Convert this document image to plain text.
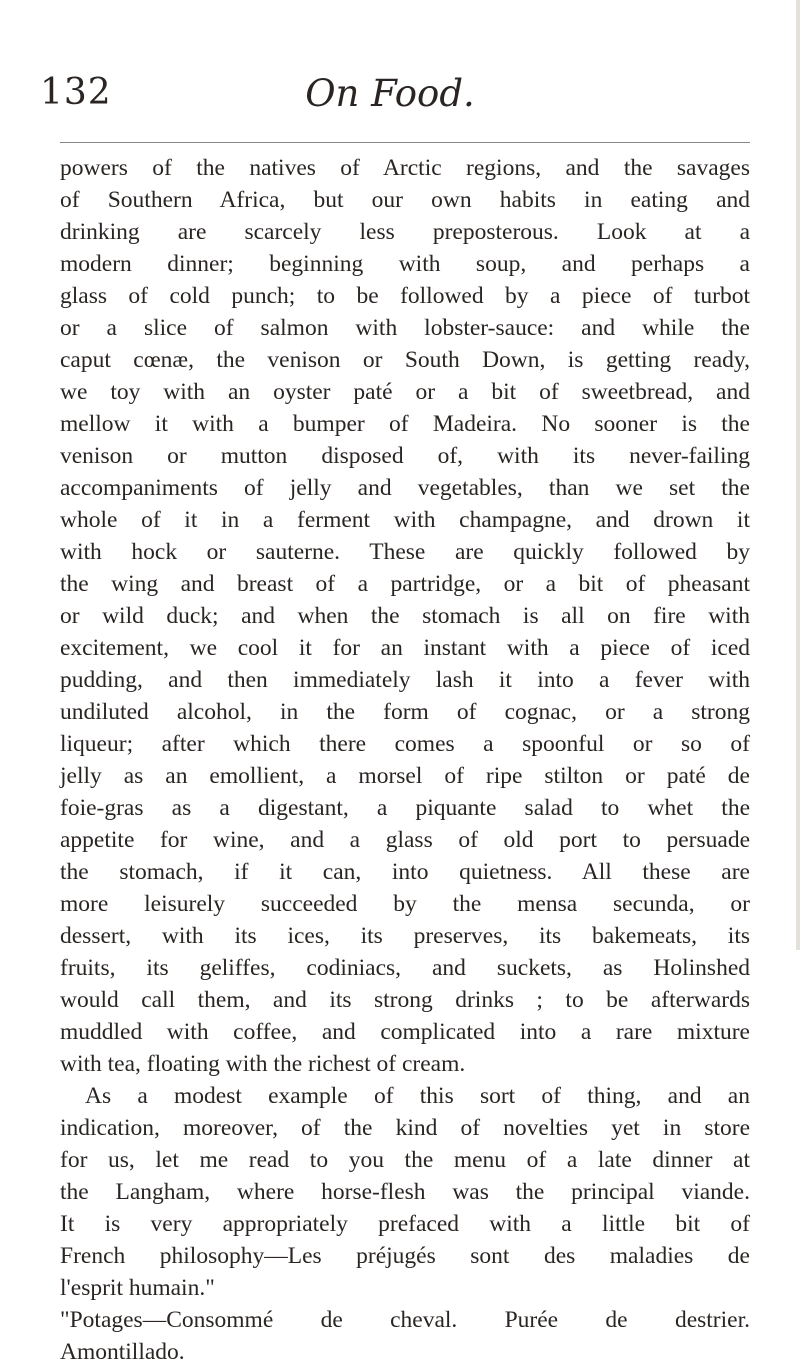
132	On Food.
powers of the natives of Arctic regions, and the savages
of Southern Africa, but our own habits in eating and
drinking are scarcely less preposterous. Look at a
modern dinner; beginning with soup, and perhaps a
glass of cold punch; to be followed by a piece of turbot
or a slice of salmon with lobster-sauce: and while the
caput cœnæ, the venison or South Down, is getting ready,
we toy with an oyster paté or a bit of sweetbread, and
mellow it with a bumper of Madeira. No sooner is the
venison or mutton disposed of, with its never-failing
accompaniments of jelly and vegetables, than we set the
whole of it in a ferment with champagne, and drown it
with hock or sauterne. These are quickly followed by
the wing and breast of a partridge, or a bit of pheasant
or wild duck; and when the stomach is all on fire with
excitement, we cool it for an instant with a piece of iced
pudding, and then immediately lash it into a fever with
undiluted alcohol, in the form of cognac, or a strong
liqueur; after which there comes a spoonful or so of
jelly as an emollient, a morsel of ripe stilton or paté de
foie-gras as a digestant, a piquante salad to whet the
appetite for wine, and a glass of old port to persuade
the stomach, if it can, into quietness. All these are
more leisurely succeeded by the mensa secunda, or
dessert, with its ices, its preserves, its bakemeats, its
fruits, its geliffes, codiniacs, and suckets, as Holinshed
would call them, and its strong drinks ; to be afterwards
muddled with coffee, and complicated into a rare mixture
with tea, floating with the richest of cream.
As a modest example of this sort of thing, and an
indication, moreover, of the kind of novelties yet in store
for us, let me read to you the menu of a late dinner at
the Langham, where horse-flesh was the principal viande.
It is very appropriately prefaced with a little bit of
French philosophy—Les préjugés sont des maladies de
l'esprit humain."
"Potages—Consommé de cheval. Purée de destrier.
Amontillado.
